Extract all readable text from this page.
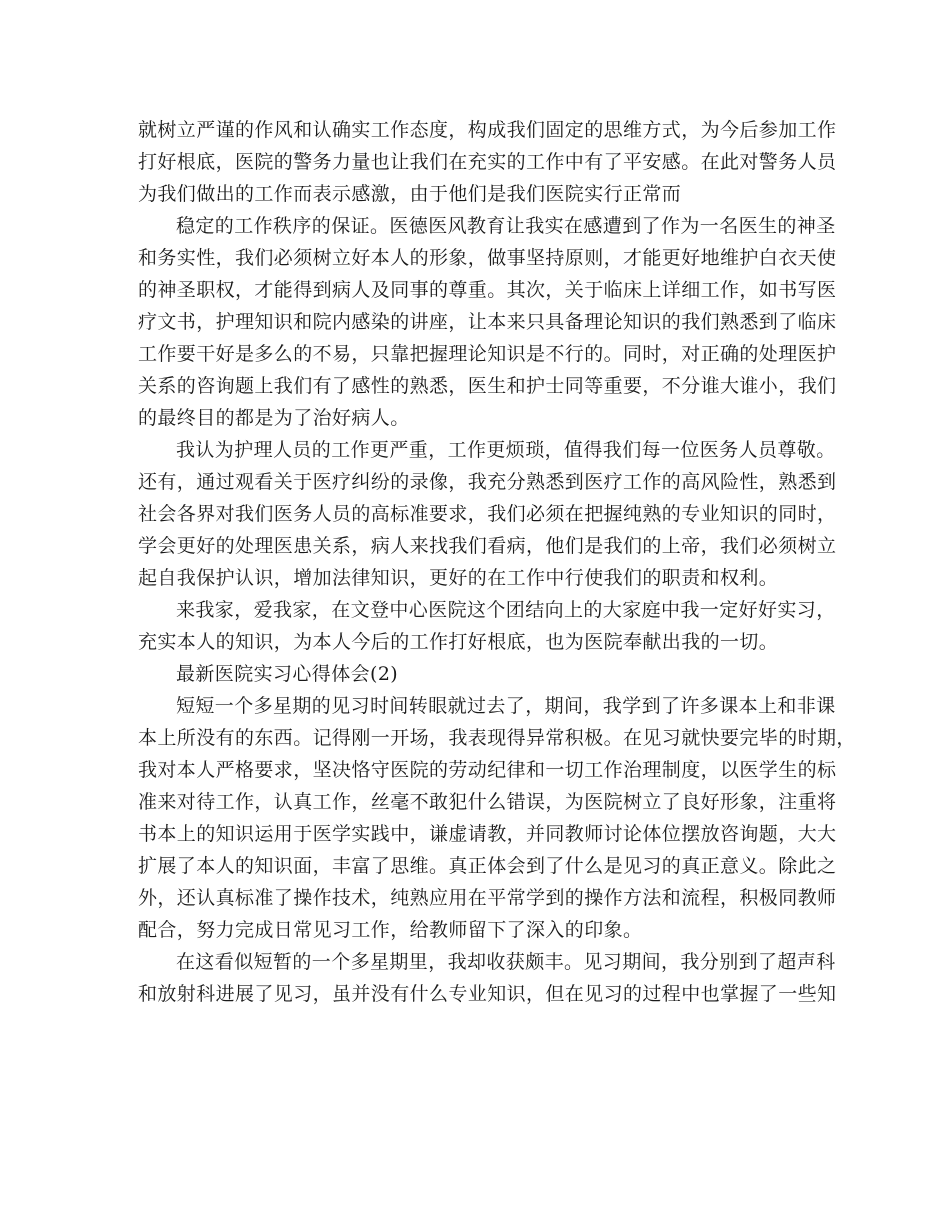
就树立严谨的作风和认确实工作态度，构成我们固定的思维方式，为今后参加工作
打好根底，医院的警务力量也让我们在充实的工作中有了平安感。在此对警务人员
为我们做出的工作而表示感激，由于他们是我们医院实行正常而
稳定的工作秩序的保证。医德医风教育让我实在感遭到了作为一名医生的神圣
和务实性，我们必须树立好本人的形象，做事坚持原则，才能更好地维护白衣天使
的神圣职权，才能得到病人及同事的尊重。其次，关于临床上详细工作，如书写医
疗文书，护理知识和院内感染的讲座，让本来只具备理论知识的我们熟悉到了临床
工作要干好是多么的不易，只靠把握理论知识是不行的。同时，对正确的处理医护
关系的咨询题上我们有了感性的熟悉，医生和护士同等重要，不分谁大谁小，我们
的最终目的都是为了治好病人。
我认为护理人员的工作更严重，工作更烦琐，值得我们每一位医务人员尊敬。
还有，通过观看关于医疗纠纷的录像，我充分熟悉到医疗工作的高风险性，熟悉到
社会各界对我们医务人员的高标准要求，我们必须在把握纯熟的专业知识的同时，
学会更好的处理医患关系，病人来找我们看病，他们是我们的上帝，我们必须树立
起自我保护认识，增加法律知识，更好的在工作中行使我们的职责和权利。
来我家，爱我家，在文登中心医院这个团结向上的大家庭中我一定好好实习，
充实本人的知识，为本人今后的工作打好根底，也为医院奉献出我的一切。
最新医院实习心得体会(2)
短短一个多星期的见习时间转眼就过去了，期间，我学到了许多课本上和非课
本上所没有的东西。记得刚一开场，我表现得异常积极。在见习就快要完毕的时期，
我对本人严格要求，坚决恪守医院的劳动纪律和一切工作治理制度，以医学生的标
准来对待工作，认真工作，丝毫不敢犯什么错误，为医院树立了良好形象，注重将
书本上的知识运用于医学实践中，谦虚请教，并同教师讨论体位摆放咨询题，大大
扩展了本人的知识面，丰富了思维。真正体会到了什么是见习的真正意义。除此之
外，还认真标准了操作技术，纯熟应用在平常学到的操作方法和流程，积极同教师
配合，努力完成日常见习工作，给教师留下了深入的印象。
在这看似短暂的一个多星期里，我却收获颇丰。见习期间，我分别到了超声科
和放射科进展了见习，虽并没有什么专业知识，但在见习的过程中也掌握了一些知
